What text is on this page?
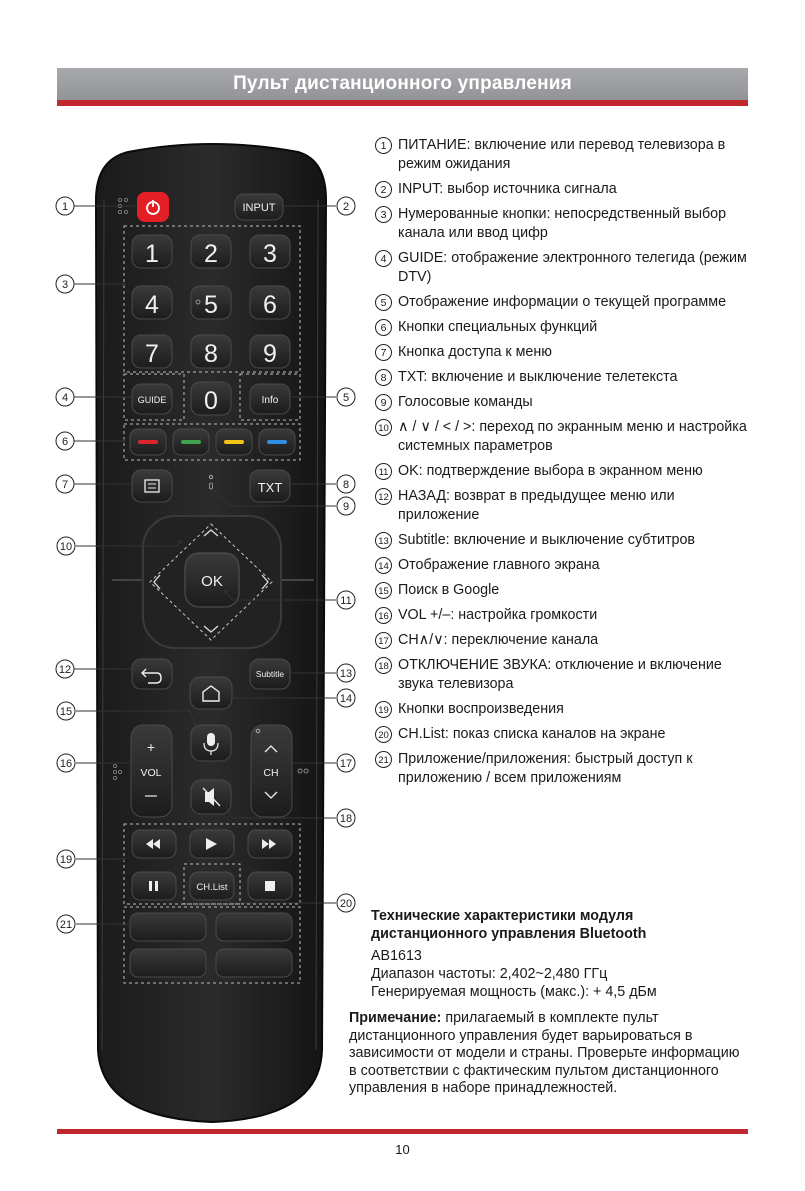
Пульт дистанционного управления
INPUT
1 2 3
4 5 6
7 8 9
0
GUIDE	Info
TXT
OK
Subtitle
+
VOL	CH
CH.List
1	2
3
4	5
6
7	8
9
10
11
12	13
14
15
16	17
18
19
20
21
1 ПИТАНИЕ: включение или перевод телевизора в режим ожидания
2 INPUT: выбор источника сигнала
3 Нумерованные кнопки: непосредственный выбор канала или ввод цифр
4 GUIDE: отображение электронного телегида (режим DTV)
5 Отображение информации о текущей программе
6 Кнопки специальных функций
7 Кнопка доступа к меню
8 TXT: включение и выключение телетекста
9 Голосовые команды
10 ∧ / ∨ / < / >: переход по экранным меню и настройка системных параметров
11 OK: подтверждение выбора в экранном меню
12 НАЗАД: возврат в предыдущее меню или приложение
13 Subtitle: включение и выключение субтитров
14 Отображение главного экрана
15 Поиск в Google
16 VOL +/–: настройка громкости
17 CH∧/∨: переключение канала
18 ОТКЛЮЧЕНИЕ ЗВУКА: отключение и включение звука телевизора
19 Кнопки воспроизведения
20 CH.List: показ списка каналов на экране
21 Приложение/приложения: быстрый доступ к приложению / всем приложениям
Технические характеристики модуля дистанционного управления Bluetooth
AB1613
Диапазон частоты: 2,402~2,480 ГГц
Генерируемая мощность (макс.): + 4,5 дБм
Примечание: прилагаемый в комплекте пульт дистанционного управления будет варьироваться в зависимости от модели и страны. Проверьте информацию в соответствии с фактическим пультом дистанционного управления в наборе принадлежностей.
10
